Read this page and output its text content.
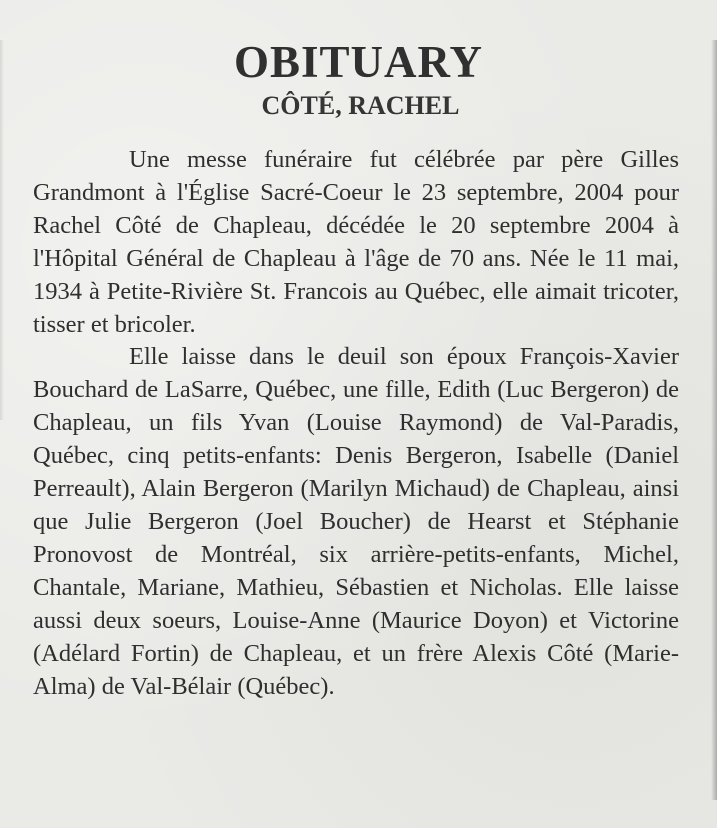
OBITUARY
CÔTÉ, RACHEL

Une messe funéraire fut célébrée par père Gilles Grandmont à l'Église Sacré-Coeur le 23 septembre, 2004 pour Rachel Côté de Chapleau, décédée le 20 septembre 2004 à l'Hôpital Général de Chapleau à l'âge de 70 ans. Née le 11 mai, 1934 à Petite-Rivière St. Francois au Québec, elle aimait tricoter, tisser et bricoler.

Elle laisse dans le deuil son époux François-Xavier Bouchard de LaSarre, Québec, une fille, Edith (Luc Bergeron) de Chapleau, un fils Yvan (Louise Raymond) de Val-Paradis, Québec, cinq petits-enfants: Denis Bergeron, Isabelle (Daniel Perreault), Alain Bergeron (Marilyn Michaud) de Chapleau, ainsi que Julie Bergeron (Joel Boucher) de Hearst et Stéphanie Pronovost de Montréal, six arrière-petits-enfants, Michel, Chantale, Mariane, Mathieu, Sébastien et Nicholas. Elle laisse aussi deux soeurs, Louise-Anne (Maurice Doyon) et Victorine (Adélard Fortin) de Chapleau, et un frère Alexis Côté (Marie-Alma) de Val-Bélair (Québec).
